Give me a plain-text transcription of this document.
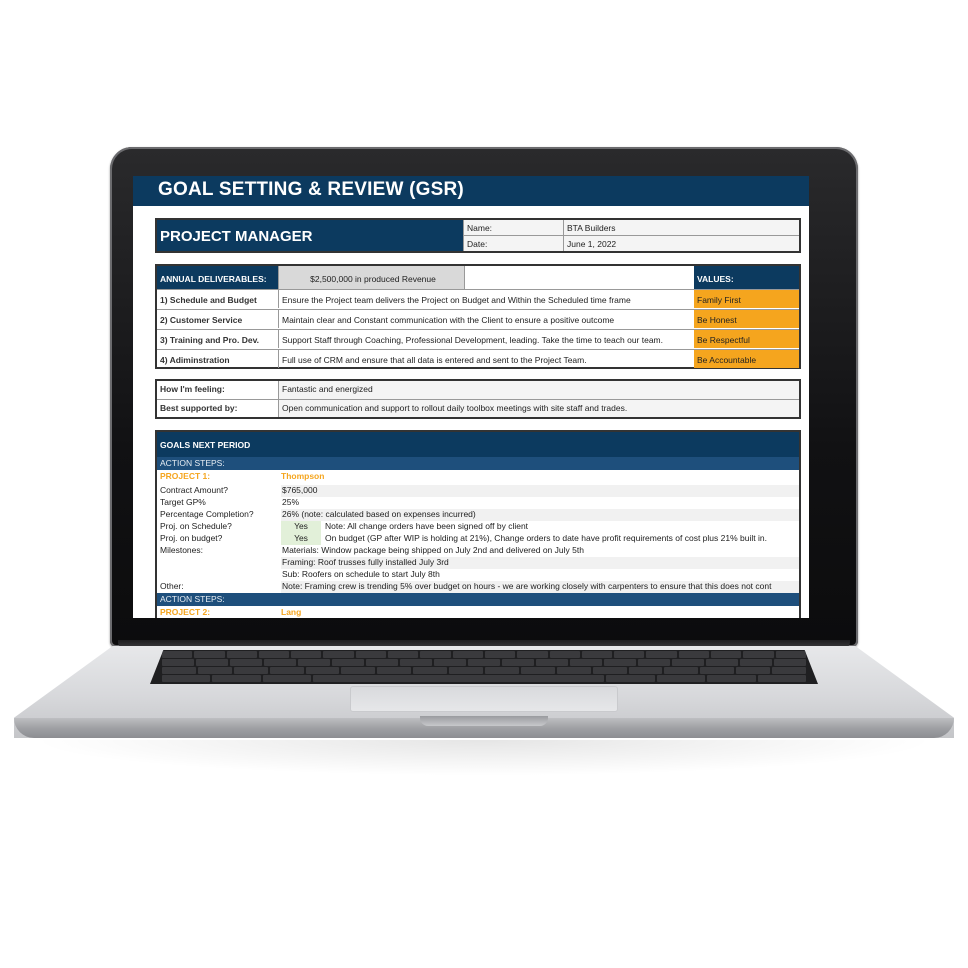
GOAL SETTING & REVIEW (GSR)
PROJECT MANAGER	Name:	BTA Builders
Date:	June 1, 2022
ANNUAL DELIVERABLES:	$2,500,000 in produced Revenue	VALUES:
1) Schedule and Budget	Ensure the Project team delivers the Project on Budget and Within the Scheduled time frame	Family First
2) Customer Service	Maintain clear and Constant communication with the Client to ensure a positive outcome	Be Honest
3) Training and Pro. Dev.	Support Staff through Coaching, Professional Development, leading. Take the time to teach our team.	Be Respectful
4) Adiminstration	Full use of CRM and ensure that all data is entered and sent to the Project Team.	Be Accountable
How I'm feeling:	Fantastic and energized
Best supported by:	Open communication and support to rollout daily toolbox meetings with site staff and trades.
GOALS NEXT PERIOD
ACTION STEPS:
PROJECT 1:	Thompson
Contract Amount?	$765,000
Target GP%	25%
Percentage Completion?	26% (note: calculated based on expenses incurred)
Proj. on Schedule?	Yes	Note: All change orders have been signed off by client
Proj. on budget?	Yes	On budget (GP after WIP is holding at 21%), Change orders to date have profit requirements of cost plus 21% built in.
Milestones:	Materials: Window package being shipped on July 2nd and delivered on July 5th
Framing: Roof trusses fully installed July 3rd
Sub: Roofers on schedule to start July 8th
Other:	Note: Framing crew is trending 5% over budget on hours - we are working closely with carpenters to ensure that this does not cont
ACTION STEPS:
PROJECT 2:	Lang
